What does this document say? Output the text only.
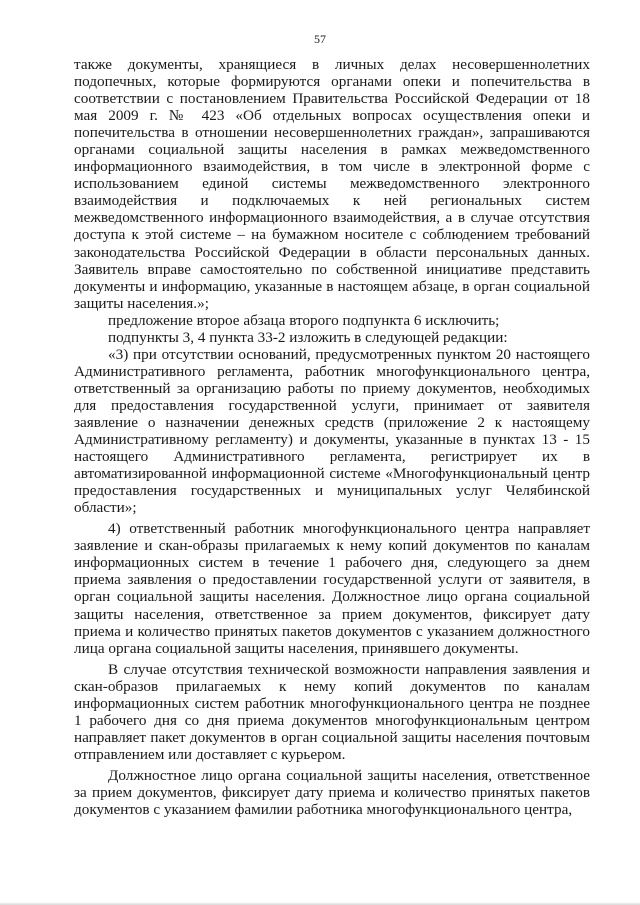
57

также документы, хранящиеся в личных делах несовершеннолетних подопечных, которые формируются органами опеки и попечительства в соответствии с постановлением Правительства Российской Федерации от 18 мая 2009 г. № 423 «Об отдельных вопросах осуществления опеки и попечительства в отношении несовершеннолетних граждан», запрашиваются органами социальной защиты населения в рамках межведомственного информационного взаимодействия, в том числе в электронной форме с использованием единой системы межведомственного электронного взаимодействия и подключаемых к ней региональных систем межведомственного информационного взаимодействия, а в случае отсутствия доступа к этой системе – на бумажном носителе с соблюдением требований законодательства Российской Федерации в области персональных данных. Заявитель вправе самостоятельно по собственной инициативе представить документы и информацию, указанные в настоящем абзаце, в орган социальной защиты населения.»;

предложение второе абзаца второго подпункта 6 исключить;

подпункты 3, 4 пункта 33-2 изложить в следующей редакции:

«3) при отсутствии оснований, предусмотренных пунктом 20 настоящего Административного регламента, работник многофункционального центра, ответственный за организацию работы по приему документов, необходимых для предоставления государственной услуги, принимает от заявителя заявление о назначении денежных средств (приложение 2 к настоящему Административному регламенту) и документы, указанные в пунктах 13 - 15 настоящего Административного регламента, регистрирует их в автоматизированной информационной системе «Многофункциональный центр предоставления государственных и муниципальных услуг Челябинской области»;

4) ответственный работник многофункционального центра направляет заявление и скан-образы прилагаемых к нему копий документов по каналам информационных систем в течение 1 рабочего дня, следующего за днем приема заявления о предоставлении государственной услуги от заявителя, в орган социальной защиты населения. Должностное лицо органа социальной защиты населения, ответственное за прием документов, фиксирует дату приема и количество принятых пакетов документов с указанием должностного лица органа социальной защиты населения, принявшего документы.

В случае отсутствия технической возможности направления заявления и скан-образов прилагаемых к нему копий документов по каналам информационных систем работник многофункционального центра не позднее 1 рабочего дня со дня приема документов многофункциональным центром направляет пакет документов в орган социальной защиты населения почтовым отправлением или доставляет с курьером.

Должностное лицо органа социальной защиты населения, ответственное за прием документов, фиксирует дату приема и количество принятых пакетов документов с указанием фамилии работника многофункционального центра,
